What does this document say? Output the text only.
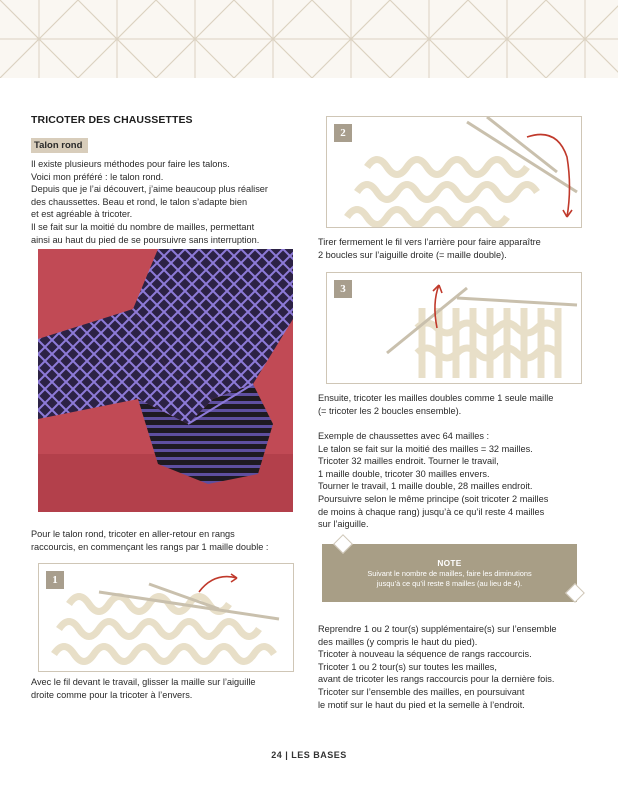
TRICOTER DES CHAUSSETTES
Talon rond

Il existe plusieurs méthodes pour faire les talons.
Voici mon préféré : le talon rond.
Depuis que je l’ai découvert, j’aime beaucoup plus réaliser
des chaussettes. Beau et rond, le talon s’adapte bien
et est agréable à tricoter.
Il se fait sur la moitié du nombre de mailles, permettant
ainsi au haut du pied de se poursuivre sans interruption.

Pour le talon rond, tricoter en aller-retour en rangs
raccourcis, en commençant les rangs par 1 maille double :

1

Avec le fil devant le travail, glisser la maille sur l’aiguille
droite comme pour la tricoter à l’envers.

2

Tirer fermement le fil vers l’arrière pour faire apparaître
2 boucles sur l’aiguille droite (= maille double).

3

Ensuite, tricoter les mailles doubles comme 1 seule maille
(= tricoter les 2 boucles ensemble).

Exemple de chaussettes avec 64 mailles :
Le talon se fait sur la moitié des mailles = 32 mailles.
Tricoter 32 mailles endroit. Tourner le travail,
1 maille double, tricoter 30 mailles envers.
Tourner le travail, 1 maille double, 28 mailles endroit.
Poursuivre selon le même principe (soit tricoter 2 mailles
de moins à chaque rang) jusqu’à ce qu’il reste 4 mailles
sur l’aiguille.

NOTE
Suivant le nombre de mailles, faire les diminutions
jusqu’à ce qu’il reste 8 mailles (au lieu de 4).

Reprendre 1 ou 2 tour(s) supplémentaire(s) sur l’ensemble
des mailles (y compris le haut du pied).
Tricoter à nouveau la séquence de rangs raccourcis.
Tricoter 1 ou 2 tour(s) sur toutes les mailles,
avant de tricoter les rangs raccourcis pour la dernière fois.
Tricoter sur l’ensemble des mailles, en poursuivant
le motif sur le haut du pied et la semelle à l’endroit.

24 | LES BASES
